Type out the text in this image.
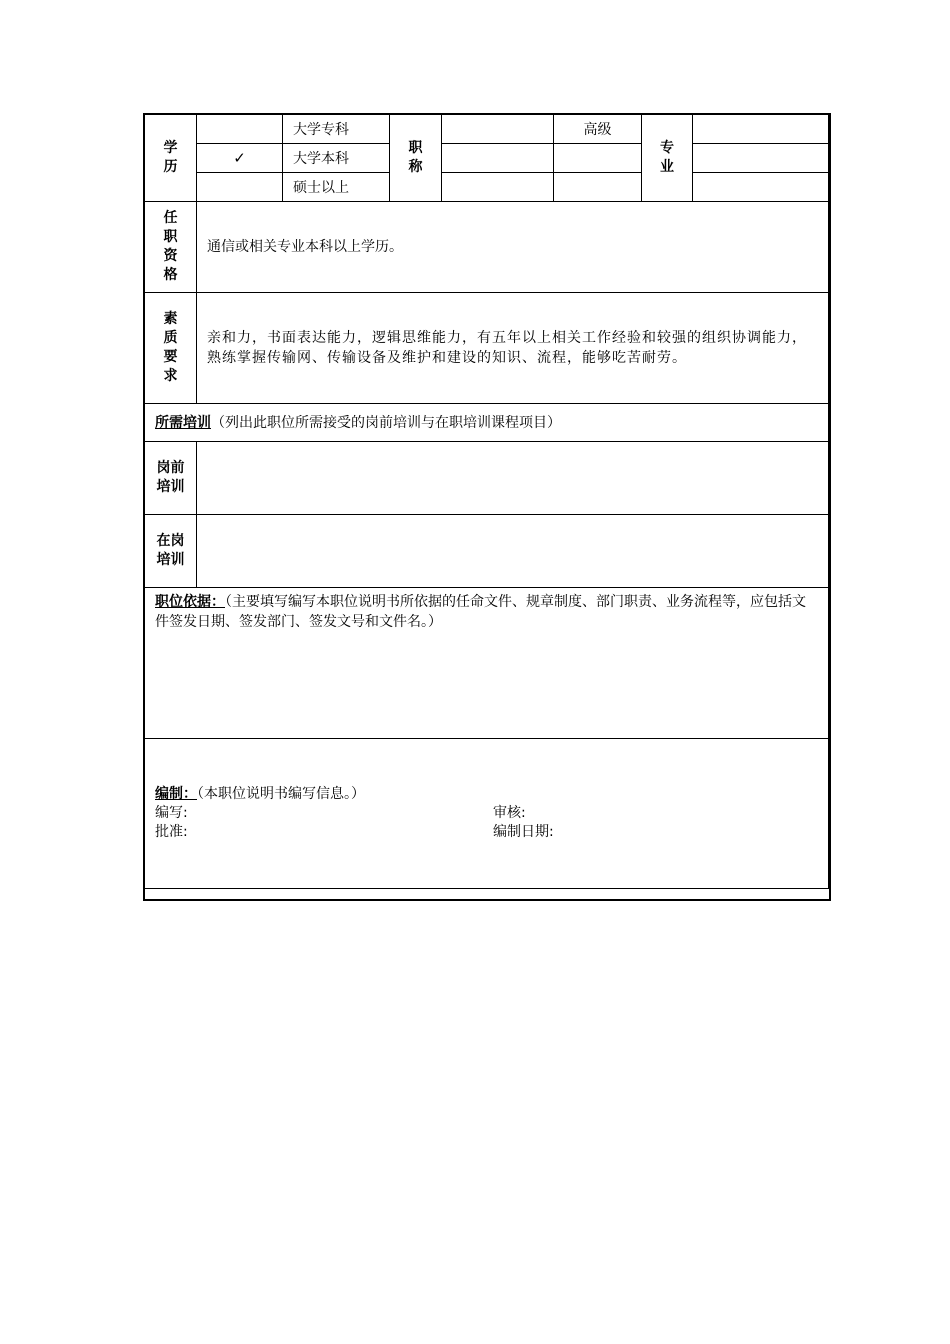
学历		大学专科	职称		高级	专业	
	✓	大学本科					
		硕士以上					
任职资格	通信或相关专业本科以上学历。						
素质要求	亲和力，书面表达能力，逻辑思维能力，有五年以上相关工作经验和较强的组织协调能力，熟练掌握传输网、传输设备及维护和建设的知识、流程，能够吃苦耐劳。						
所需培训（列出此职位所需接受的岗前培训与在职培训课程项目）							
岗前培训							
在岗培训							
职位依据：（主要填写编写本职位说明书所依据的任命文件、规章制度、部门职责、业务流程等，应包括文件签发日期、签发部门、签发文号和文件名。）							

编制：（本职位说明书编写信息。）
编写: 审核:
批准: 编制日期:							
